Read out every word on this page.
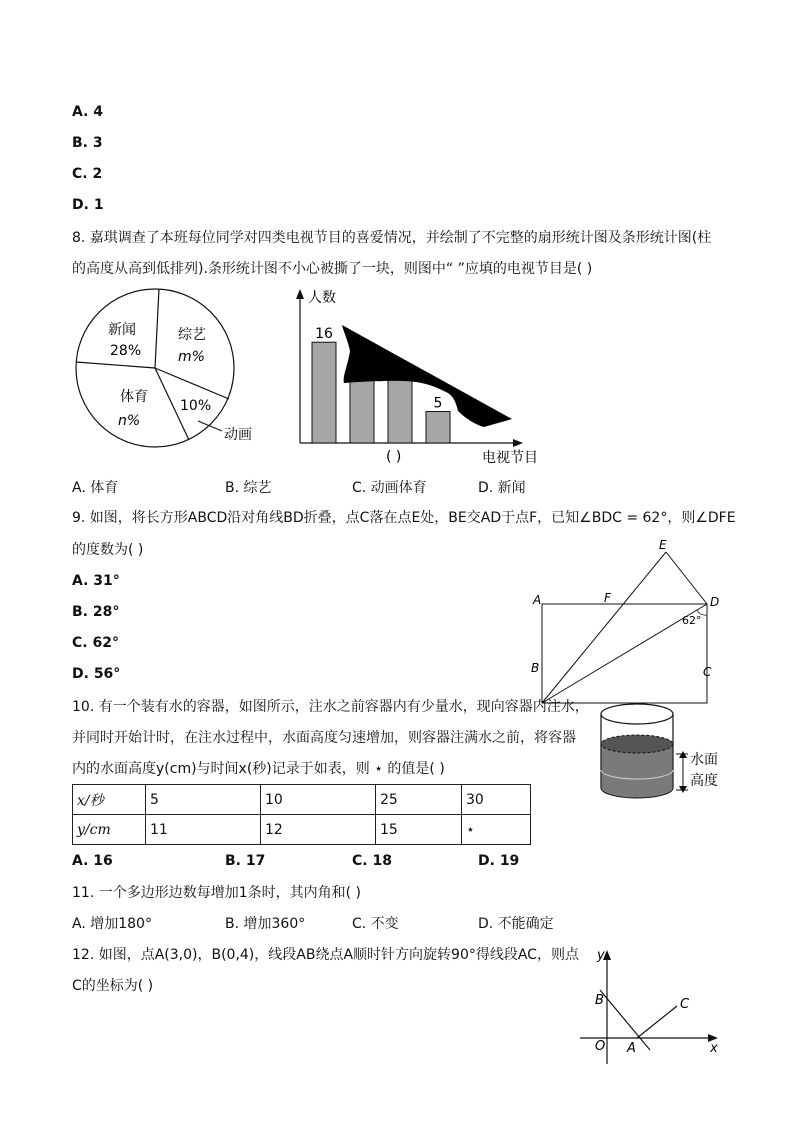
A. 4
B. 3
C. 2
D. 1
8. 嘉琪调查了本班每位同学对四类电视节目的喜爱情况，并绘制了不完整的扇形统计图及条形统计图(柱
的高度从高到低排列).条形统计图不小心被撕了一块，则图中“ ”应填的电视节目是( )
新闻
28%
综艺
m%
10%
体育
n%
动画
人数
16
5
( )	电视节目
A. 体育	B. 综艺	C. 动画体育	D. 新闻
9. 如图，将长方形ABCD沿对角线BD折叠，点C落在点E处，BE交AD于点F，已知∠BDC = 62°，则∠DFE
的度数为( )
A. 31°
B. 28°
C. 62°
D. 56°
E
A	F	D
B	C
62°
10. 有一个装有水的容器，如图所示，注水之前容器内有少量水，现向容器内注水，
并同时开始计时，在注水过程中，水面高度匀速增加，则容器注满水之前，将容器
内的水面高度y(cm)与时间x(秒)记录于如表，则 ⋆ 的值是( )
x/秒	5	10	25	30
y/cm	11	12	15	⋆
A. 16	B. 17	C. 18	D. 19
水面
高度
11. 一个多边形边数每增加1条时，其内角和( )
A. 增加180°	B. 增加360°	C. 不变	D. 不能确定
12. 如图，点A(3,0)，B(0,4)，线段AB绕点A顺时针方向旋转90°得线段AC，则点
C的坐标为( )
y
B	C
O A	x
